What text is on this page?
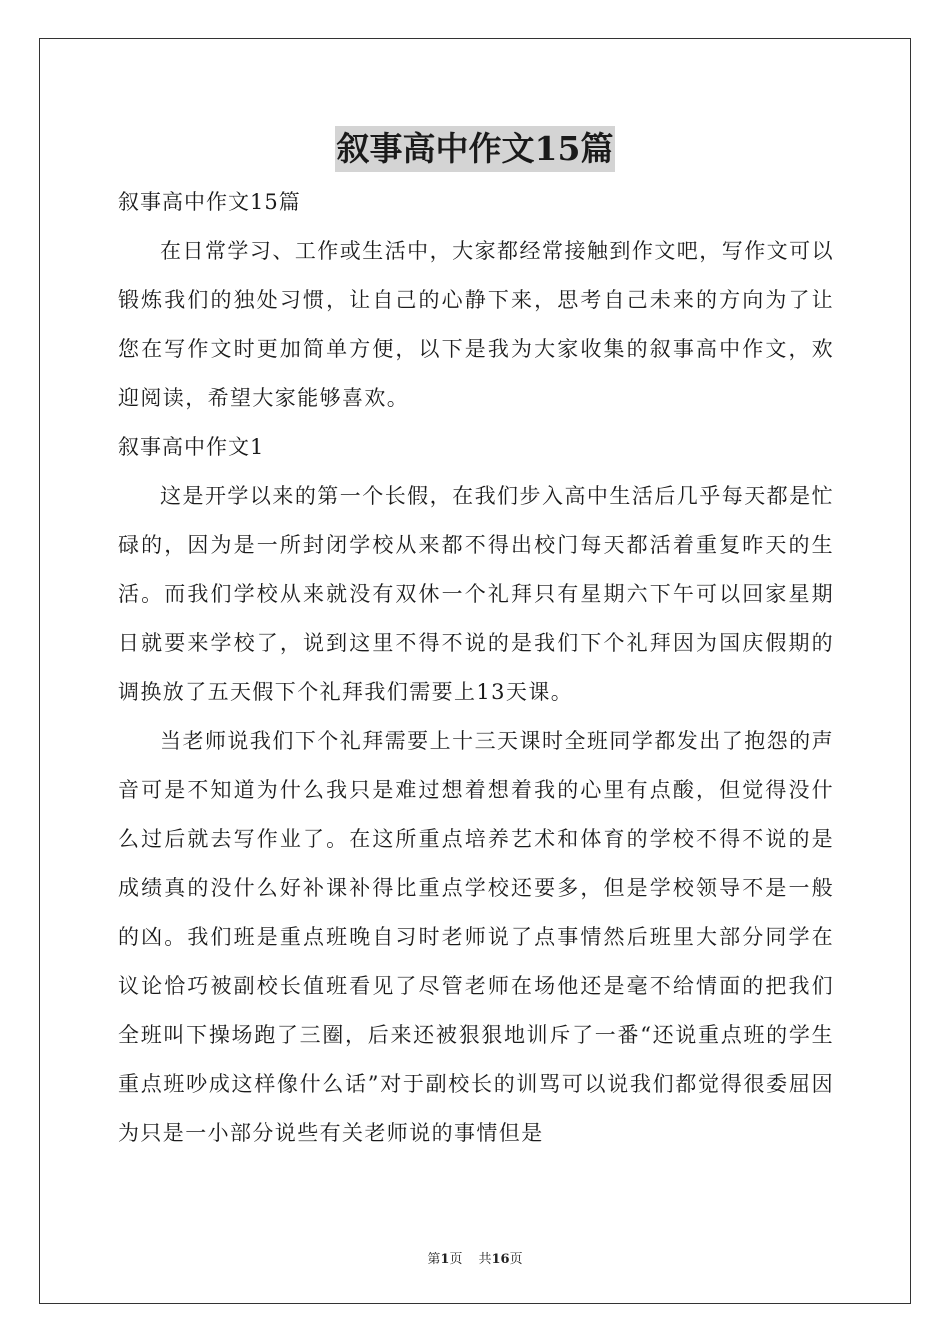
叙事高中作文15篇

叙事高中作文15篇

在日常学习、工作或生活中，大家都经常接触到作文吧，写作文可以锻炼我们的独处习惯，让自己的心静下来，思考自己未来的方向为了让您在写作文时更加简单方便，以下是我为大家收集的叙事高中作文，欢迎阅读，希望大家能够喜欢。

叙事高中作文1

这是开学以来的第一个长假，在我们步入高中生活后几乎每天都是忙碌的，因为是一所封闭学校从来都不得出校门每天都活着重复昨天的生活。而我们学校从来就没有双休一个礼拜只有星期六下午可以回家星期日就要来学校了，说到这里不得不说的是我们下个礼拜因为国庆假期的调换放了五天假下个礼拜我们需要上13天课。

当老师说我们下个礼拜需要上十三天课时全班同学都发出了抱怨的声音可是不知道为什么我只是难过想着想着我的心里有点酸，但觉得没什么过后就去写作业了。在这所重点培养艺术和体育的学校不得不说的是成绩真的没什么好补课补得比重点学校还要多，但是学校领导不是一般的凶。我们班是重点班晚自习时老师说了点事情然后班里大部分同学在议论恰巧被副校长值班看见了尽管老师在场他还是毫不给情面的把我们全班叫下操场跑了三圈，后来还被狠狠地训斥了一番“还说重点班的学生重点班吵成这样像什么话”对于副校长的训骂可以说我们都觉得很委屈因为只是一小部分说些有关老师说的事情但是

第1页 共16页
